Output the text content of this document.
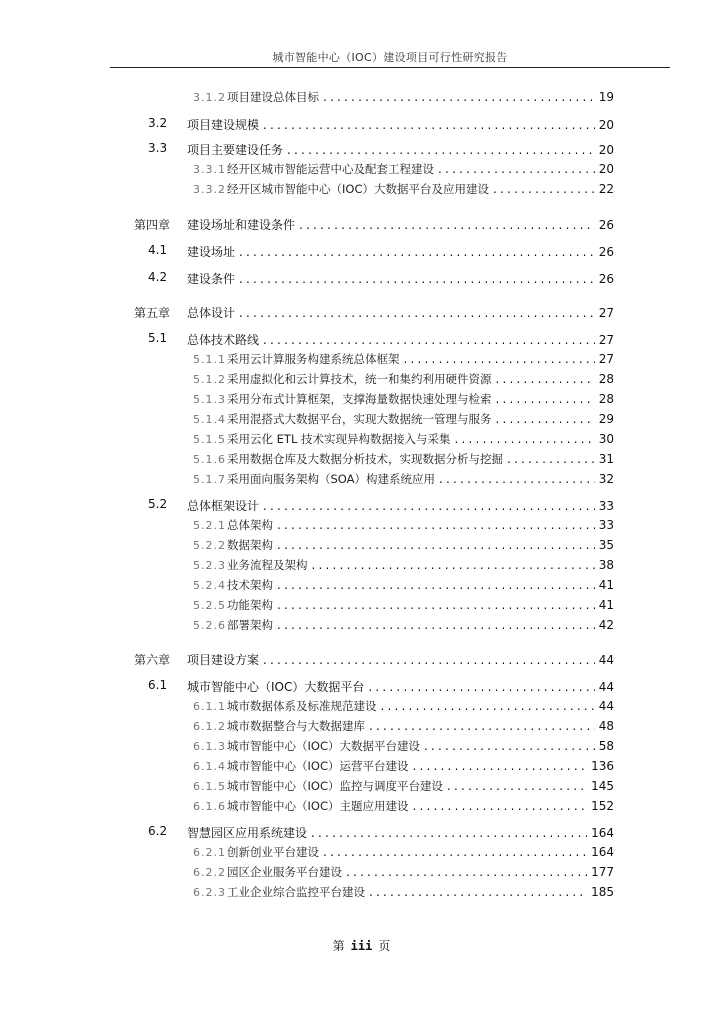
城市智能中心（IOC）建设项目可行性研究报告
3.1.2项目建设总体目标 .....	19
3.2 项目建设规模 .....	20
3.3 项目主要建设任务 .....	20
3.3.1经开区城市智能运营中心及配套工程建设 .....	20
3.3.2经开区城市智能中心（IOC）大数据平台及应用建设 .....	22
第四章 建设场址和建设条件 .....	26
4.1 建设场址 .....	26
4.2 建设条件 .....	26
第五章 总体设计 .....	27
5.1 总体技术路线 .....	27
5.1.1采用云计算服务构建系统总体框架 .....	27
5.1.2采用虚拟化和云计算技术，统一和集约利用硬件资源 .....	28
5.1.3采用分布式计算框架，支撑海量数据快速处理与检索 .....	28
5.1.4采用混搭式大数据平台，实现大数据统一管理与服务 .....	29
5.1.5采用云化 ETL 技术实现异构数据接入与采集 .....	30
5.1.6采用数据仓库及大数据分析技术，实现数据分析与挖掘 .....	31
5.1.7采用面向服务架构（SOA）构建系统应用 .....	32
5.2 总体框架设计 .....	33
5.2.1总体架构 .....	33
5.2.2数据架构 .....	35
5.2.3业务流程及架构 .....	38
5.2.4技术架构 .....	41
5.2.5功能架构 .....	41
5.2.6部署架构 .....	42
第六章 项目建设方案 .....	44
6.1 城市智能中心（IOC）大数据平台 .....	44
6.1.1城市数据体系及标准规范建设 .....	44
6.1.2城市数据整合与大数据建库 .....	48
6.1.3城市智能中心（IOC）大数据平台建设 .....	58
6.1.4城市智能中心（IOC）运营平台建设 .....	136
6.1.5城市智能中心（IOC）监控与调度平台建设 .....	145
6.1.6城市智能中心（IOC）主题应用建设 .....	152
6.2 智慧园区应用系统建设 .....	164
6.2.1创新创业平台建设 .....	164
6.2.2园区企业服务平台建设 .....	177
6.2.3工业企业综合监控平台建设 .....	185
第 iii 页
